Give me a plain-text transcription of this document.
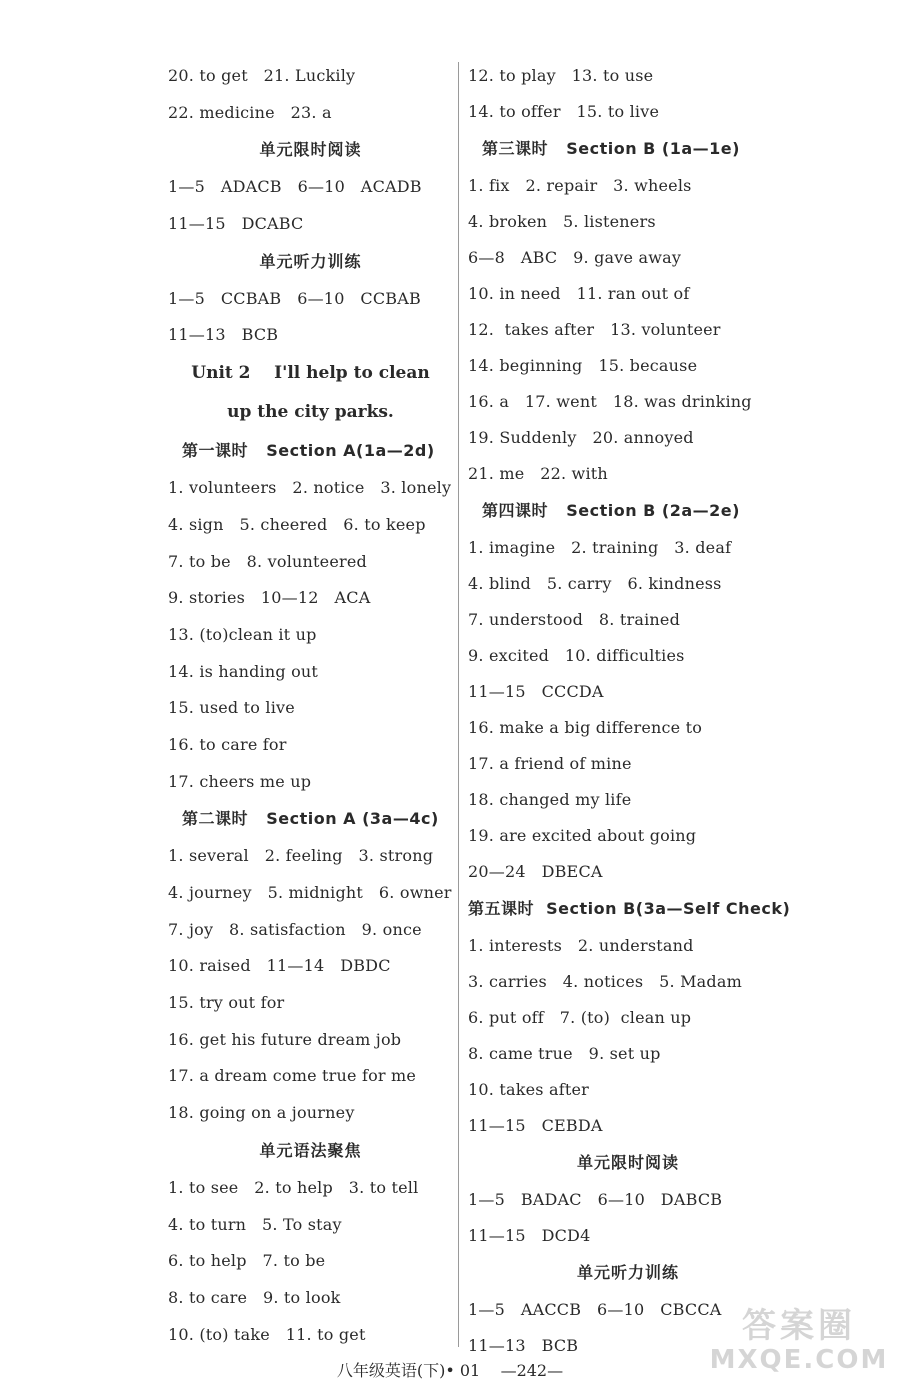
20. to get   21. Luckily
22. medicine   23. a
单元限时阅读
1—5   ADACB   6—10   ACADB
11—15   DCABC
单元听力训练
1—5   CCBAB   6—10   CCBAB
11—13   BCB
Unit 2    I'll help to clean
up the city parks.
第一课时   Section A(1a—2d)
1. volunteers   2. notice   3. lonely
4. sign   5. cheered   6. to keep
7. to be   8. volunteered
9. stories   10—12   ACA
13. (to)clean it up
14. is handing out
15. used to live
16. to care for
17. cheers me up
第二课时   Section A (3a—4c)
1. several   2. feeling   3. strong
4. journey   5. midnight   6. owner
7. joy   8. satisfaction   9. once
10. raised   11—14   DBDC
15. try out for
16. get his future dream job
17. a dream come true for me
18. going on a journey
单元语法聚焦
1. to see   2. to help   3. to tell
4. to turn   5. To stay
6. to help   7. to be
8. to care   9. to look
10. (to) take   11. to get
12. to play   13. to use
14. to offer   15. to live
第三课时   Section B (1a—1e)
1. fix   2. repair   3. wheels
4. broken   5. listeners
6—8   ABC   9. gave away
10. in need   11. ran out of
12.  takes after   13. volunteer
14. beginning   15. because
16. a   17. went   18. was drinking
19. Suddenly   20. annoyed
21. me   22. with
第四课时   Section B (2a—2e)
1. imagine   2. training   3. deaf
4. blind   5. carry   6. kindness
7. understood   8. trained
9. excited   10. difficulties
11—15   CCCDA
16. make a big difference to
17. a friend of mine
18. changed my life
19. are excited about going
20—24   DBECA
第五课时  Section B(3a—Self Check)
1. interests   2. understand
3. carries   4. notices   5. Madam
6. put off   7. (to)  clean up
8. came true   9. set up
10. takes after
11—15   CEBDA
单元限时阅读
1—5   BADAC   6—10   DABCB
11—15   DCD4
单元听力训练
1—5   AACCB   6—10   CBCCA
11—13   BCB
八年级英语(下)• 01    —242—
答案圈
MXQE.COM
